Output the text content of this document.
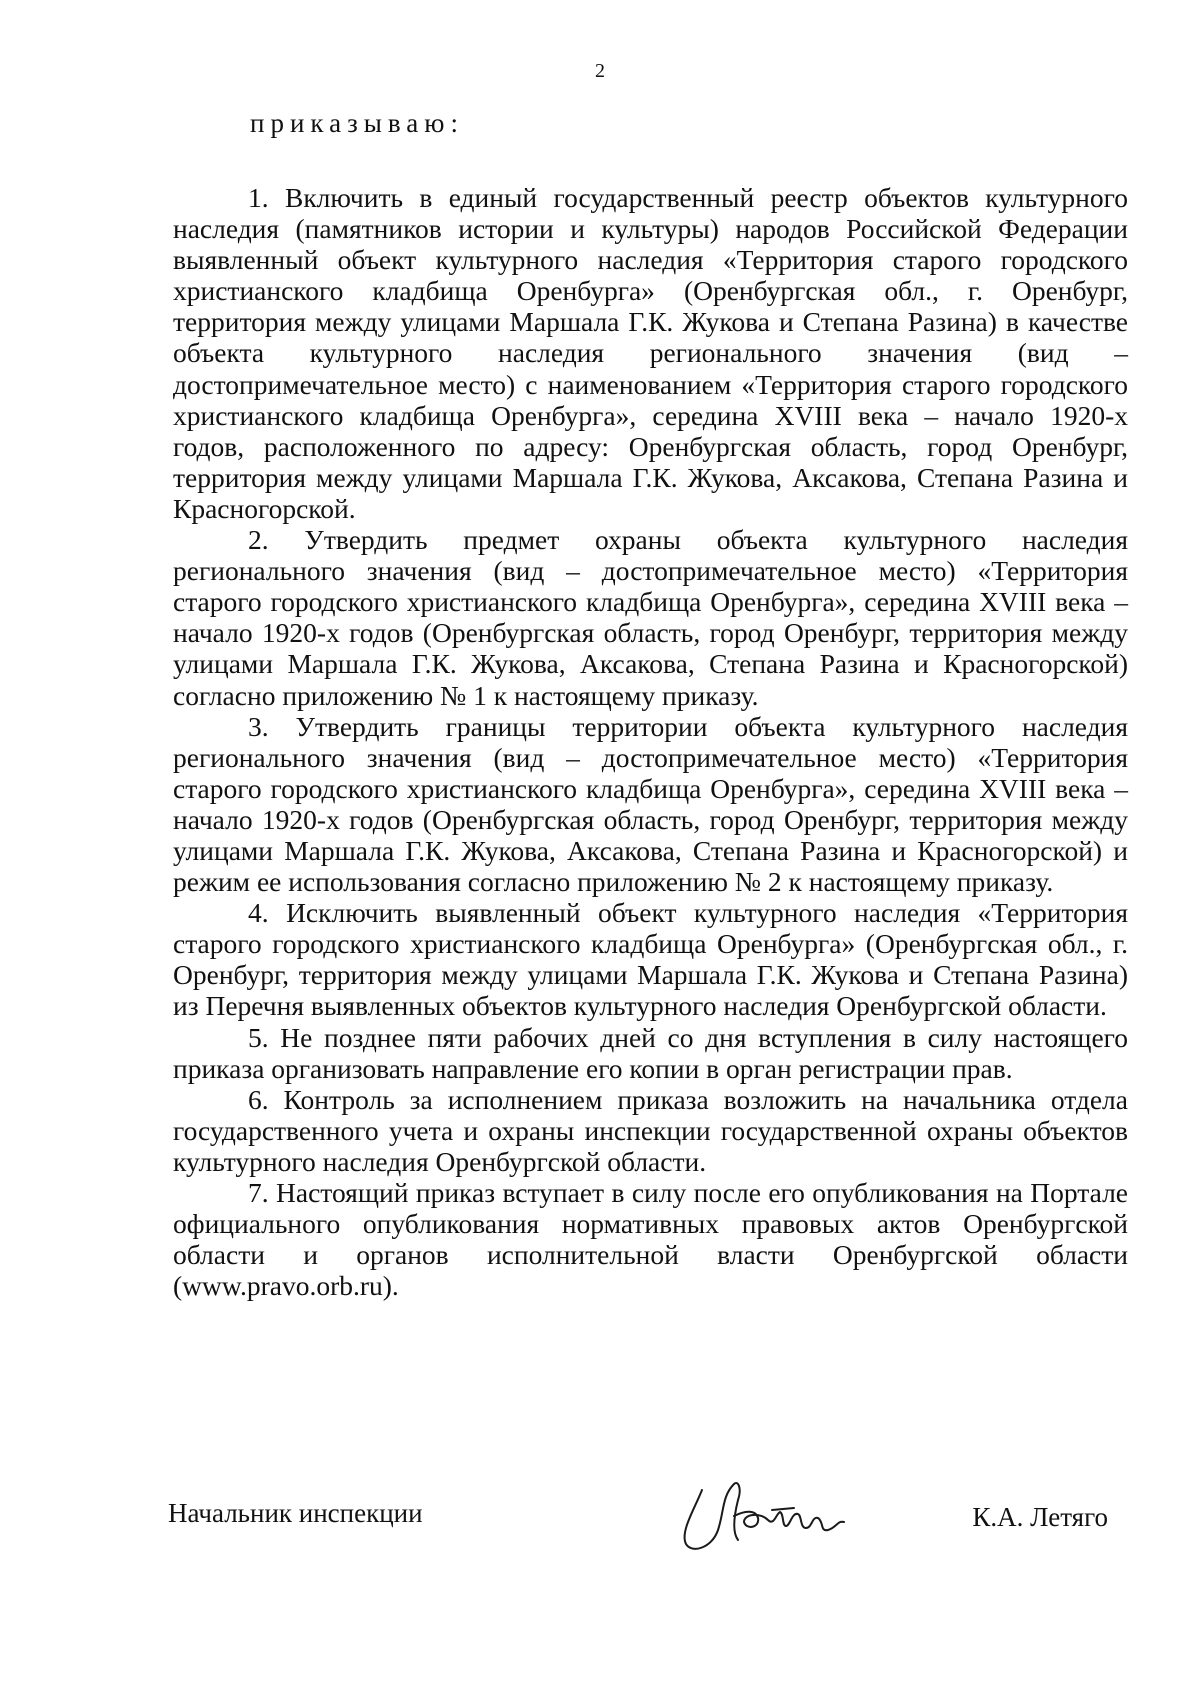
2
приказываю:

1. Включить в единый государственный реестр объектов культурного наследия (памятников истории и культуры) народов Российской Федерации выявленный объект культурного наследия «Территория старого городского христианского кладбища Оренбурга» (Оренбургская обл., г. Оренбург, территория между улицами Маршала Г.К. Жукова и Степана Разина) в качестве объекта культурного наследия регионального значения (вид – достопримечательное место) с наименованием «Территория старого городского христианского кладбища Оренбурга», середина XVIII века – начало 1920-х годов, расположенного по адресу: Оренбургская область, город Оренбург, территория между улицами Маршала Г.К. Жукова, Аксакова, Степана Разина и Красногорской.

2. Утвердить предмет охраны объекта культурного наследия регионального значения (вид – достопримечательное место) «Территория старого городского христианского кладбища Оренбурга», середина XVIII века – начало 1920-х годов (Оренбургская область, город Оренбург, территория между улицами Маршала Г.К. Жукова, Аксакова, Степана Разина и Красногорской) согласно приложению № 1 к настоящему приказу.

3. Утвердить границы территории объекта культурного наследия регионального значения (вид – достопримечательное место) «Территория старого городского христианского кладбища Оренбурга», середина XVIII века – начало 1920-х годов (Оренбургская область, город Оренбург, территория между улицами Маршала Г.К. Жукова, Аксакова, Степана Разина и Красногорской) и режим ее использования согласно приложению № 2 к настоящему приказу.

4. Исключить выявленный объект культурного наследия «Территория старого городского христианского кладбища Оренбурга» (Оренбургская обл., г. Оренбург, территория между улицами Маршала Г.К. Жукова и Степана Разина) из Перечня выявленных объектов культурного наследия Оренбургской области.

5. Не позднее пяти рабочих дней со дня вступления в силу настоящего приказа организовать направление его копии в орган регистрации прав.

6. Контроль за исполнением приказа возложить на начальника отдела государственного учета и охраны инспекции государственной охраны объектов культурного наследия Оренбургской области.

7. Настоящий приказ вступает в силу после его опубликования на Портале официального опубликования нормативных правовых актов Оренбургской области и органов исполнительной власти Оренбургской области (www.pravo.orb.ru).

Начальник инспекции	К.А. Летяго
